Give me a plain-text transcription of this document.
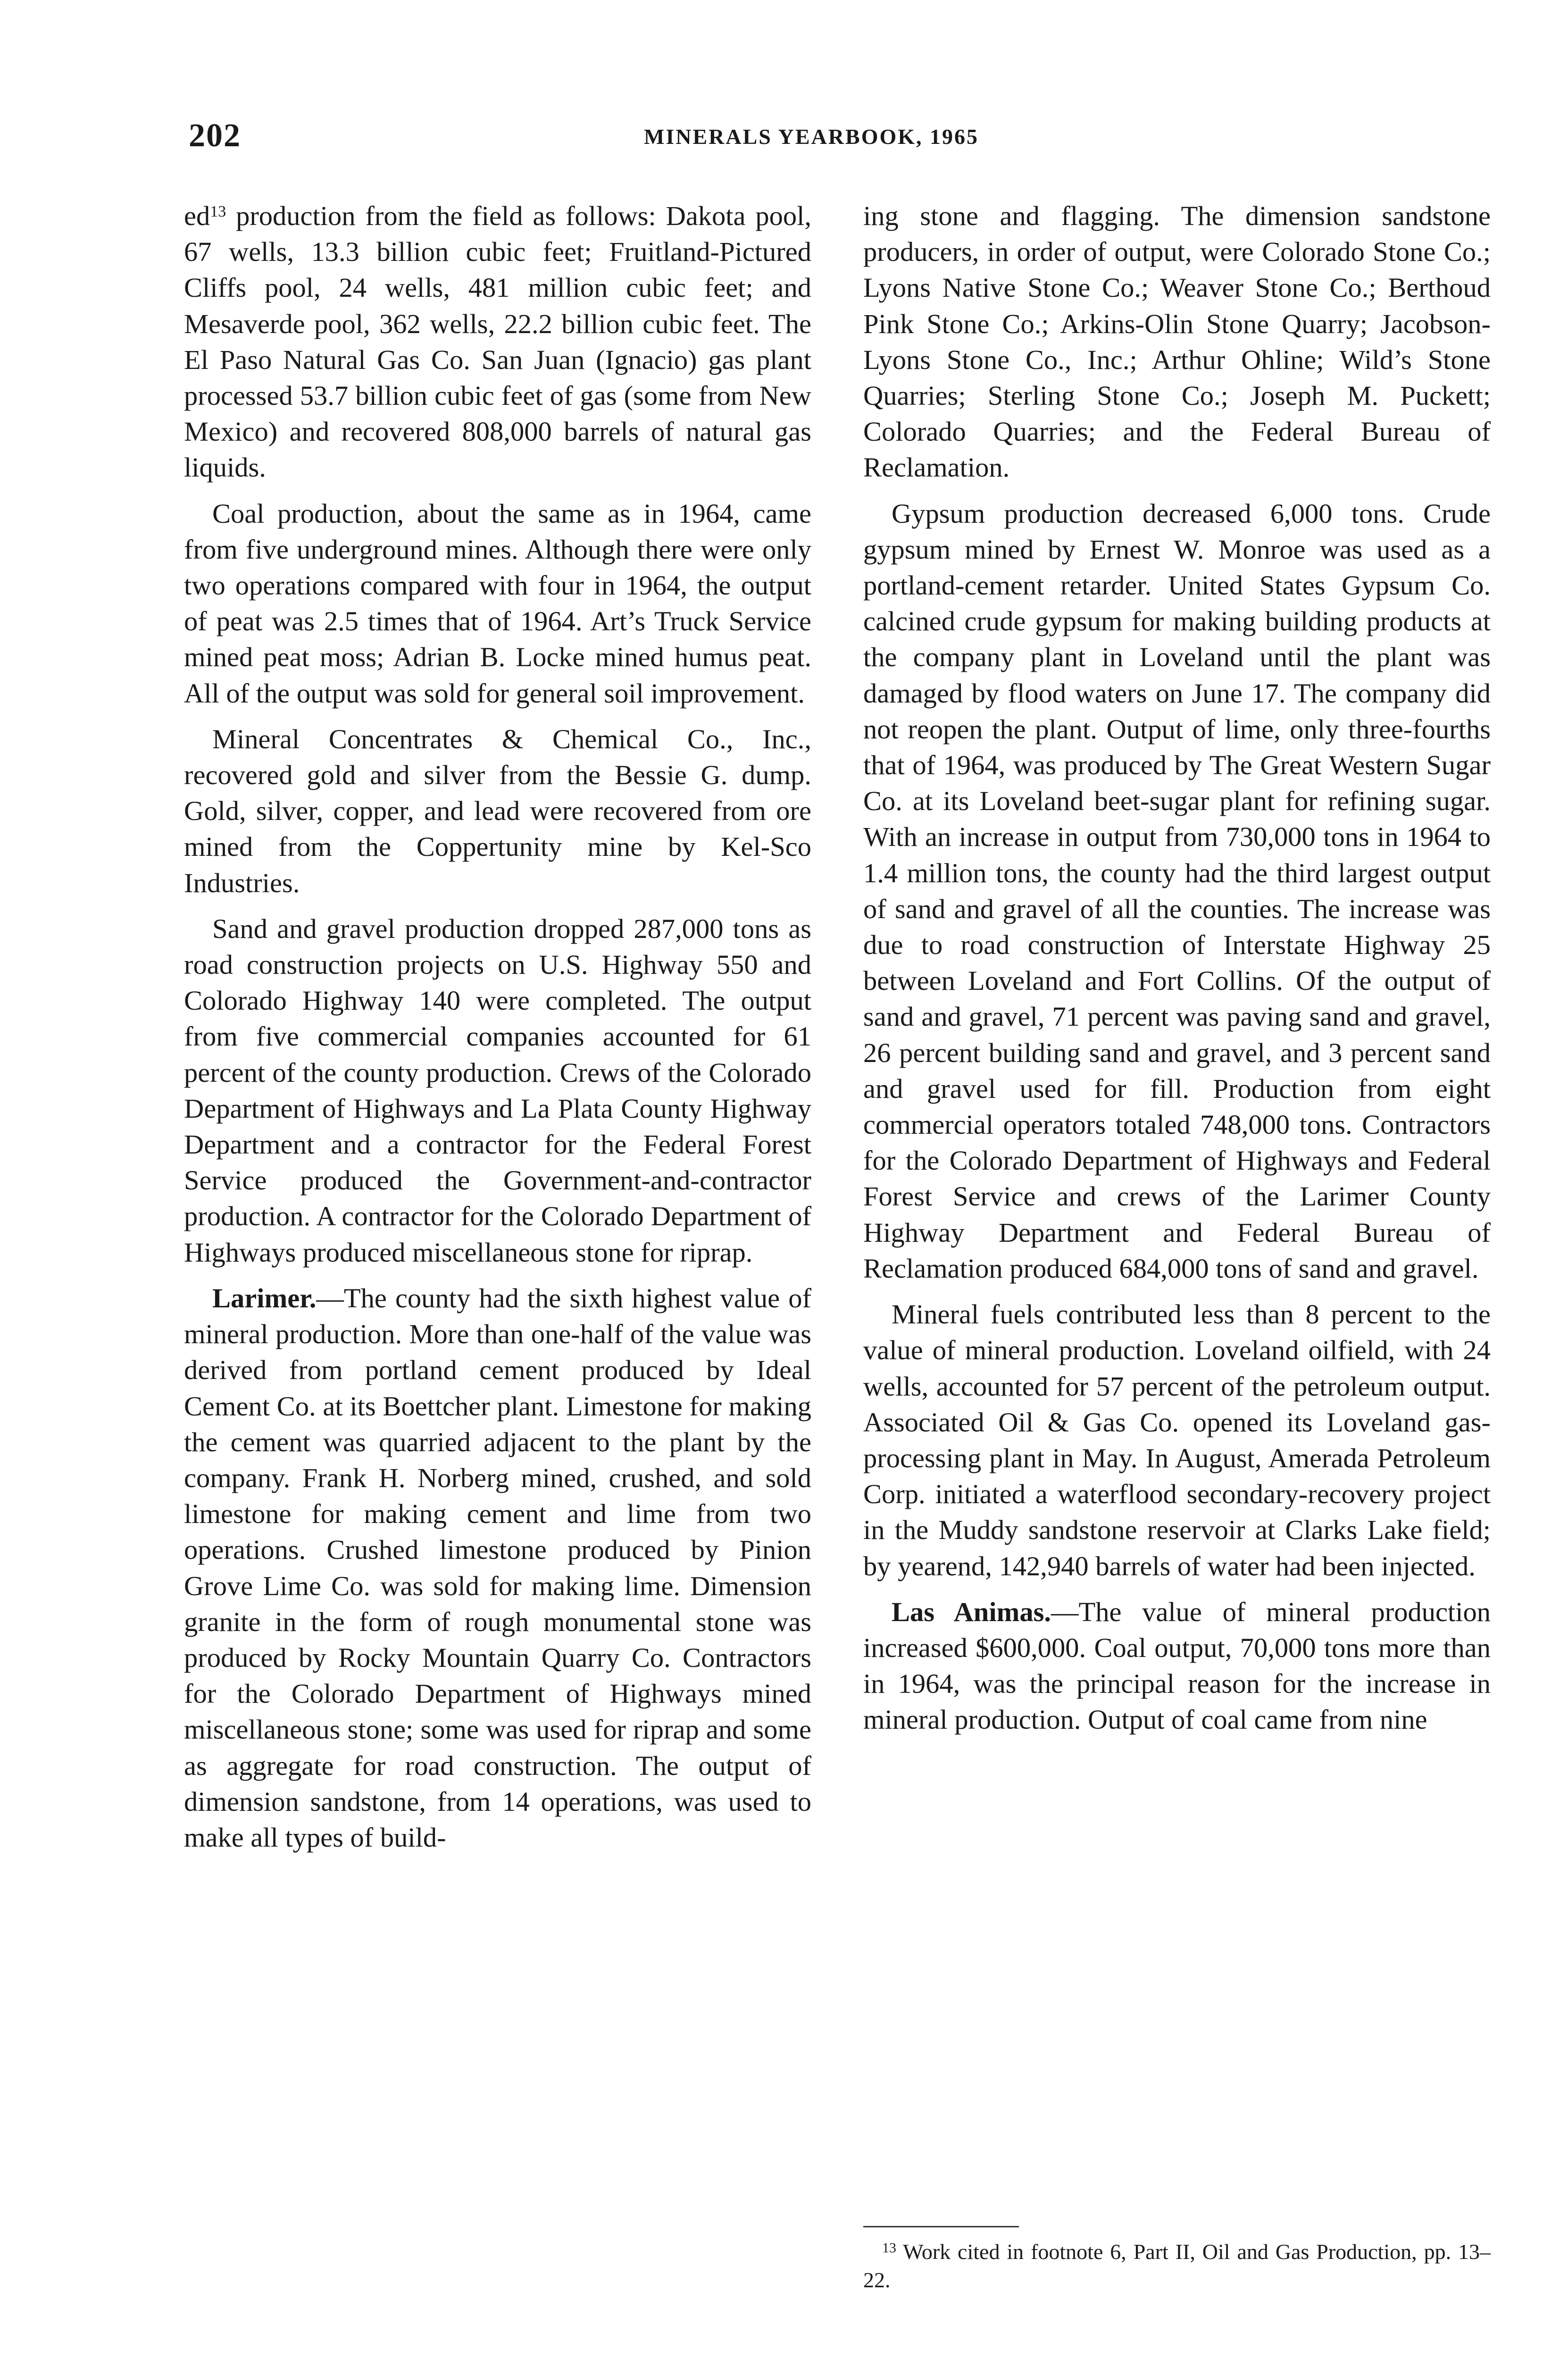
202	MINERALS YEARBOOK, 1965

$ed^{13}$ production from the field as follows: Dakota pool, 67 wells, 13.3 billion cubic feet; Fruitland-Pictured Cliffs pool, 24 wells, 481 million cubic feet; and Mesaverde pool, 362 wells, 22.2 billion cubic feet. The El Paso Natural Gas Co. San Juan (Ignacio) gas plant processed 53.7 billion cubic feet of gas (some from New Mexico) and recovered 808,000 barrels of natural gas liquids.

Coal production, about the same as in 1964, came from five underground mines. Although there were only two operations compared with four in 1964, the output of peat was 2.5 times that of 1964. Art’s Truck Service mined peat moss; Adrian B. Locke mined humus peat. All of the output was sold for general soil improvement.

Mineral Concentrates & Chemical Co., Inc., recovered gold and silver from the Bessie G. dump. Gold, silver, copper, and lead were recovered from ore mined from the Coppertunity mine by Kel-Sco Industries.

Sand and gravel production dropped 287,000 tons as road construction projects on U.S. Highway 550 and Colorado Highway 140 were completed. The output from five commercial companies accounted for 61 percent of the county production. Crews of the Colorado Department of Highways and La Plata County Highway Department and a contractor for the Federal Forest Service produced the Government-and-contractor production. A contractor for the Colorado Department of Highways produced miscellaneous stone for riprap.

Larimer.—The county had the sixth highest value of mineral production. More than one-half of the value was derived from portland cement produced by Ideal Cement Co. at its Boettcher plant. Limestone for making the cement was quarried adjacent to the plant by the company. Frank H. Norberg mined, crushed, and sold limestone for making cement and lime from two operations. Crushed limestone produced by Pinion Grove Lime Co. was sold for making lime. Dimension granite in the form of rough monumental stone was produced by Rocky Mountain Quarry Co. Contractors for the Colorado Department of Highways mined miscellaneous stone; some was used for riprap and some as aggregate for road construction. The output of dimension sandstone, from 14 operations, was used to make all types of build-

ing stone and flagging. The dimension sandstone producers, in order of output, were Colorado Stone Co.; Lyons Native Stone Co.; Weaver Stone Co.; Berthoud Pink Stone Co.; Arkins-Olin Stone Quarry; Jacobson-Lyons Stone Co., Inc.; Arthur Ohline; Wild’s Stone Quarries; Sterling Stone Co.; Joseph M. Puckett; Colorado Quarries; and the Federal Bureau of Reclamation.

Gypsum production decreased 6,000 tons. Crude gypsum mined by Ernest W. Monroe was used as a portland-cement retarder. United States Gypsum Co. calcined crude gypsum for making building products at the company plant in Loveland until the plant was damaged by flood waters on June 17. The company did not reopen the plant. Output of lime, only three-fourths that of 1964, was produced by The Great Western Sugar Co. at its Loveland beet-sugar plant for refining sugar. With an increase in output from 730,000 tons in 1964 to 1.4 million tons, the county had the third largest output of sand and gravel of all the counties. The increase was due to road construction of Interstate Highway 25 between Loveland and Fort Collins. Of the output of sand and gravel, 71 percent was paving sand and gravel, 26 percent building sand and gravel, and 3 percent sand and gravel used for fill. Production from eight commercial operators totaled 748,000 tons. Contractors for the Colorado Department of Highways and Federal Forest Service and crews of the Larimer County Highway Department and Federal Bureau of Reclamation produced 684,000 tons of sand and gravel.

Mineral fuels contributed less than 8 percent to the value of mineral production. Loveland oilfield, with 24 wells, accounted for 57 percent of the petroleum output. Associated Oil & Gas Co. opened its Loveland gas-processing plant in May. In August, Amerada Petroleum Corp. initiated a waterflood secondary-recovery project in the Muddy sandstone reservoir at Clarks Lake field; by yearend, 142,940 barrels of water had been injected.

Las Animas.—The value of mineral production increased $600,000. Coal output, 70,000 tons more than in 1964, was the principal reason for the increase in mineral production. Output of coal came from nine

$^{13}$ Work cited in footnote 6, Part II, Oil and Gas Production, pp. 13–22.
